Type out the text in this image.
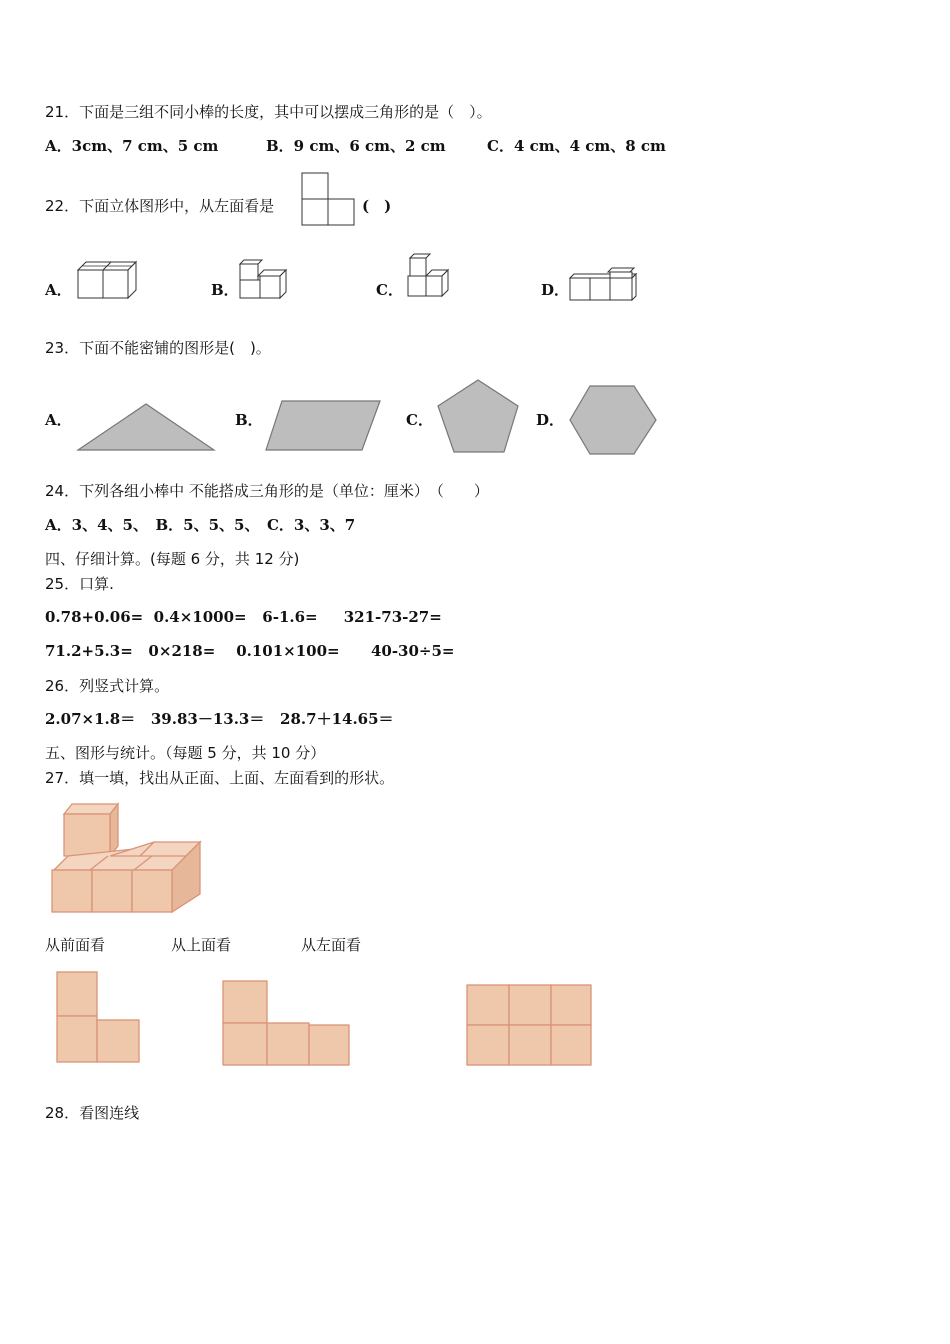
21．下面是三组不同小棒的长度，其中可以摆成三角形的是（　）。
A．3cm、7 cm、5 cm	B．9 cm、6 cm、2 cm	C．4 cm、4 cm、8 cm
22．下面立体图形中，从左面看是	(　)
A．	B．	C．	D．
23．下面不能密铺的图形是(　)。
A．	B．	C．	D．
24．下列各组小棒中 不能搭成三角形的是（单位：厘米）　（　　）
A．3、4、5、　B．5、5、5、　C．3、3、7
四、仔细计算。(每题 6 分，共 12 分)
25．口算.
0.78+0.06=  0.4×1000=   6-1.6=     321-73-27=
71.2+5.3=   0×218=    0.101×100=      40-30÷5=
26．列竖式计算。
2.07×1.8＝   39.83－13.3＝   28.7＋14.65＝
五、图形与统计。（每题 5 分，共 10 分）
27．填一填，找出从正面、上面、左面看到的形状。
从前面看	从上面看	从左面看
28．看图连线
